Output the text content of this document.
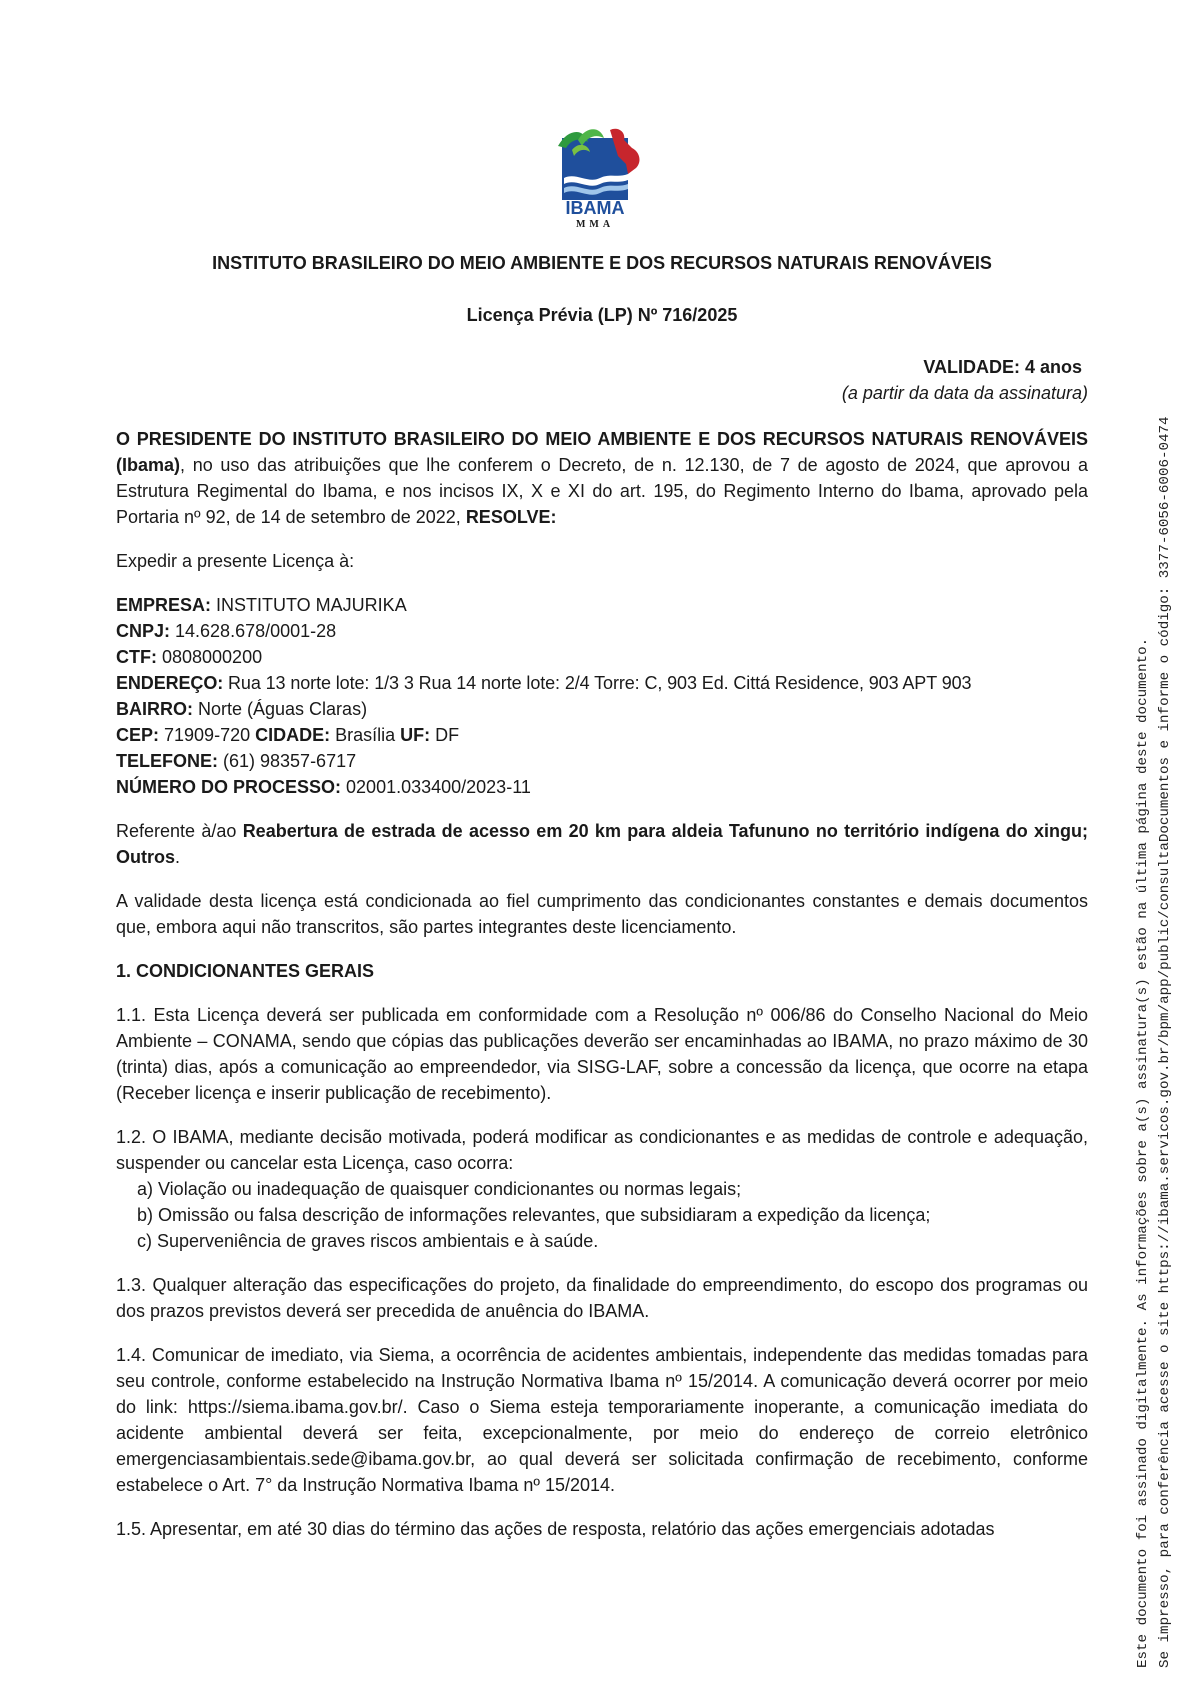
IBAMA
MMA
INSTITUTO BRASILEIRO DO MEIO AMBIENTE E DOS RECURSOS NATURAIS RENOVÁVEIS
Licença Prévia (LP) Nº 716/2025
VALIDADE: 4 anos
(a partir da data da assinatura)

O PRESIDENTE DO INSTITUTO BRASILEIRO DO MEIO AMBIENTE E DOS RECURSOS NATURAIS RENOVÁVEIS (Ibama), no uso das atribuições que lhe conferem o Decreto, de n. 12.130, de 7 de agosto de 2024, que aprovou a Estrutura Regimental do Ibama, e nos incisos IX, X e XI do art. 195, do Regimento Interno do Ibama, aprovado pela Portaria nº 92, de 14 de setembro de 2022, RESOLVE:

Expedir a presente Licença à:

EMPRESA: INSTITUTO MAJURIKA
CNPJ: 14.628.678/0001-28
CTF: 0808000200
ENDEREÇO: Rua 13 norte lote: 1/3 3 Rua 14 norte lote: 2/4 Torre: C, 903 Ed. Cittá Residence, 903 APT 903
BAIRRO: Norte (Águas Claras)
CEP: 71909-720 CIDADE: Brasília UF: DF
TELEFONE: (61) 98357-6717
NÚMERO DO PROCESSO: 02001.033400/2023-11

Referente à/ao Reabertura de estrada de acesso em 20 km para aldeia Tafununo no território indígena do xingu; Outros.

A validade desta licença está condicionada ao fiel cumprimento das condicionantes constantes e demais documentos que, embora aqui não transcritos, são partes integrantes deste licenciamento.

1. CONDICIONANTES GERAIS

1.1. Esta Licença deverá ser publicada em conformidade com a Resolução nº 006/86 do Conselho Nacional do Meio Ambiente – CONAMA, sendo que cópias das publicações deverão ser encaminhadas ao IBAMA, no prazo máximo de 30 (trinta) dias, após a comunicação ao empreendedor, via SISG-LAF, sobre a concessão da licença, que ocorre na etapa (Receber licença e inserir publicação de recebimento).

1.2. O IBAMA, mediante decisão motivada, poderá modificar as condicionantes e as medidas de controle e adequação, suspender ou cancelar esta Licença, caso ocorra:

a) Violação ou inadequação de quaisquer condicionantes ou normas legais;
b) Omissão ou falsa descrição de informações relevantes, que subsidiaram a expedição da licença;
c) Superveniência de graves riscos ambientais e à saúde.

1.3. Qualquer alteração das especificações do projeto, da finalidade do empreendimento, do escopo dos programas ou dos prazos previstos deverá ser precedida de anuência do IBAMA.

1.4. Comunicar de imediato, via Siema, a ocorrência de acidentes ambientais, independente das medidas tomadas para seu controle, conforme estabelecido na Instrução Normativa Ibama nº 15/2014. A comunicação deverá ocorrer por meio do link: https://siema.ibama.gov.br/. Caso o Siema esteja temporariamente inoperante, a comunicação imediata do acidente ambiental deverá ser feita, excepcionalmente, por meio do endereço de correio eletrônico emergenciasambientais.sede@ibama.gov.br, ao qual deverá ser solicitada confirmação de recebimento, conforme estabelece o Art. 7° da Instrução Normativa Ibama nº 15/2014.

1.5. Apresentar, em até 30 dias do término das ações de resposta, relatório das ações emergenciais adotadas	Este documento foi assinado digitalmente. As informações sobre a(s) assinatura(s) estão na última página deste documento. Se impresso, para conferência acesse o site https://ibama.servicos.gov.br/bpm/app/public/consultaDocumentos e informe o código: 3377-6056-6006-0474
